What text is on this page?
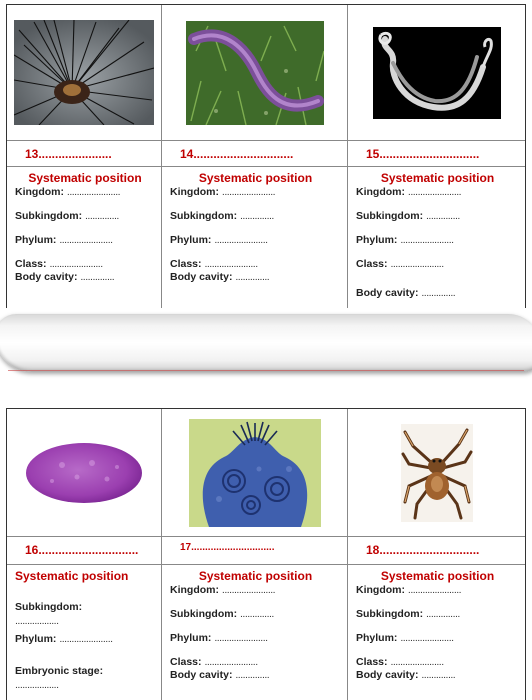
13......................
Systematic position
Kingdom: ......................
Subkingdom: ..............
Phylum: ......................
Class: ......................
Body cavity: ..............
14..............................
Systematic position
Kingdom: ......................
Subkingdom: ..............
Phylum: ......................
Class: ......................
Body cavity: ..............
15..............................
Systematic position
Kingdom: ......................
Subkingdom: ..............
Phylum: ......................
Class: ......................
Body cavity: ..............
16..............................
Systematic position
Subkingdom:
..................
Phylum: ......................
Embryonic stage:
..................
17..............................
Systematic position
Kingdom: ......................
Subkingdom: ..............
Phylum: ......................
Class: ......................
Body cavity: ..............
18..............................
Systematic position
Kingdom: ......................
Subkingdom: ..............
Phylum: ......................
Class: ......................
Body cavity: ..............
